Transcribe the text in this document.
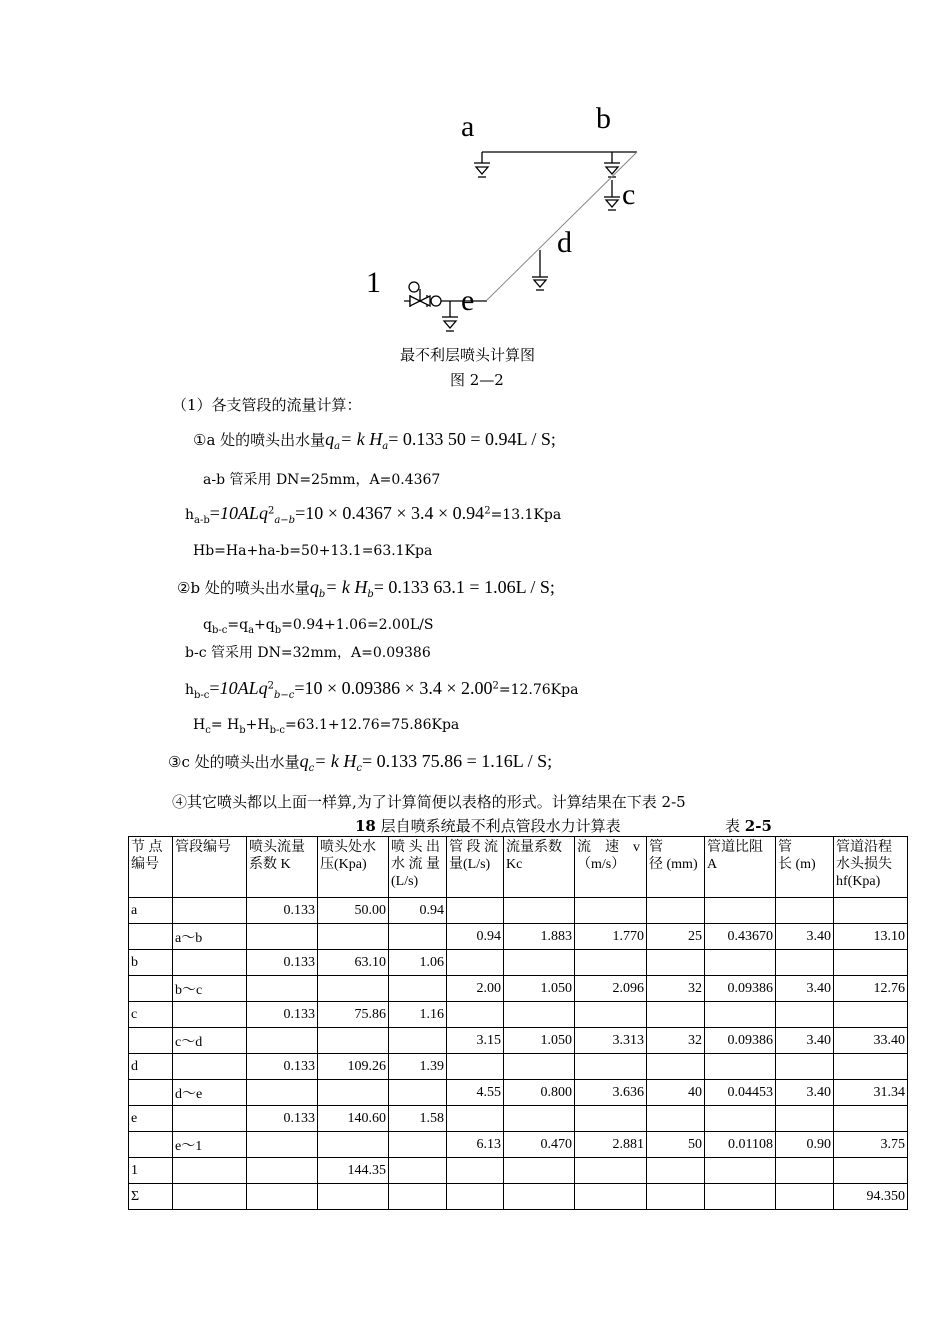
a	b
c
d
e
1
最不利层喷头计算图
图 2—2
（1）各支管段的流量计算：
①a 处的喷头出水量$q_a= k$ $H_a= 0.133$ 50 = 0.94L / S;
a-b 管采用 DN=25mm，A=0.4367
$h_{a-b}=10ALq^2_{a-b}=10 \times 0.4367 \times 3.4 \times 0.94^2=13.1Kpa$
Hb=Ha+ha-b=50+13.1=63.1Kpa
②b 处的喷头出水量$q_b= k$ $H_b= 0.133$ 63.1 = 1.06L / S;
$q_{b-c}=q_a+q_b=0.94+1.06=2.00L/S$
b-c 管采用 DN=32mm，A=0.09386
$h_{b-c}=10ALq^2_{b-c}=10 \times 0.09386 \times 3.4 \times 2.00^2=12.76Kpa$
$H_c= H_b+H_{b-c}=63.1+12.76=75.86Kpa$
③c 处的喷头出水量$q_c= k$ $H_c= 0.133$ 75.86 = 1.16L / S;
④其它喷头都以上面一样算,为了计算简便以表格的形式。计算结果在下表 2-5
18 层自喷系统最不利点管段水力计算表	表 2-5
节 点 编号	管段编号	喷头流量 系数 K	喷头处水 压(Kpa)	喷 头 出 水 流 量 (L/s)	管 段 流 量(L/s)	流量系数 Kc	流　速　v （m/s）	管　　径 (mm)	管道比阻 A	管　　长 (m)	管道沿程 水头损失 hf(Kpa)
a		0.133	50.00	0.94							
	a～b				0.94	1.883	1.770	25	0.43670	3.40	13.10
b		0.133	63.10	1.06							
	b～c				2.00	1.050	2.096	32	0.09386	3.40	12.76
c		0.133	75.86	1.16							
	c～d				3.15	1.050	3.313	32	0.09386	3.40	33.40
d		0.133	109.26	1.39							
	d～e				4.55	0.800	3.636	40	0.04453	3.40	31.34
e		0.133	140.60	1.58							
	e～1				6.13	0.470	2.881	50	0.01108	0.90	3.75
1			144.35								
Σ											94.350
